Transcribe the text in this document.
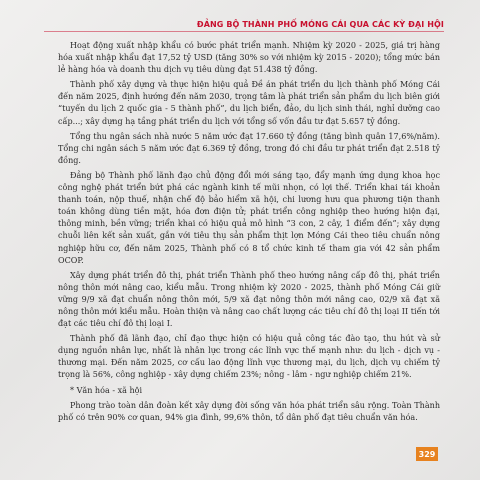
ĐẢNG BỘ THÀNH PHỐ MÓNG CÁI QUA CÁC KỲ ĐẠI HỘI

Hoạt động xuất nhập khẩu có bước phát triển mạnh. Nhiệm kỳ 2020 - 2025, giá trị hàng hóa xuất nhập khẩu đạt 17,52 tỷ USD (tăng 30% so với nhiệm kỳ 2015 - 2020); tổng mức bán lẻ hàng hóa và doanh thu dịch vụ tiêu dùng đạt 51.438 tỷ đồng.

Thành phố xây dựng và thực hiện hiệu quả Đề án phát triển du lịch thành phố Móng Cái đến năm 2025, định hướng đến năm 2030, trọng tâm là phát triển sản phẩm du lịch biên giới “tuyến du lịch 2 quốc gia - 5 thành phố”, du lịch biển, đảo, du lịch sinh thái, nghỉ dưỡng cao cấp...; xây dựng hạ tầng phát triển du lịch với tổng số vốn đầu tư đạt 5.657 tỷ đồng.

Tổng thu ngân sách nhà nước 5 năm ước đạt 17.660 tỷ đồng (tăng bình quân 17,6%/năm). Tổng chi ngân sách 5 năm ước đạt 6.369 tỷ đồng, trong đó chi đầu tư phát triển đạt 2.518 tỷ đồng.

Đảng bộ Thành phố lãnh đạo chủ động đổi mới sáng tạo, đẩy mạnh ứng dụng khoa học công nghệ phát triển bứt phá các ngành kinh tế mũi nhọn, có lợi thế. Triển khai tái khoản thanh toán, nộp thuế, nhận chế độ bảo hiểm xã hội, chi lương hưu qua phương tiện thanh toán không dùng tiền mặt, hóa đơn điện tử; phát triển công nghiệp theo hướng hiện đại, thông minh, bền vững; triển khai có hiệu quả mô hình “3 con, 2 cây, 1 điểm đến”; xây dựng chuỗi liên kết sản xuất, gắn với tiêu thụ sản phẩm thịt lợn Móng Cái theo tiêu chuẩn nông nghiệp hữu cơ, đến năm 2025, Thành phố có 8 tổ chức kinh tế tham gia với 42 sản phẩm OCOP.

Xây dựng phát triển đô thị, phát triển Thành phố theo hướng nâng cấp đô thị, phát triển nông thôn mới nâng cao, kiểu mẫu. Trong nhiệm kỳ 2020 - 2025, thành phố Móng Cái giữ vững 9/9 xã đạt chuẩn nông thôn mới, 5/9 xã đạt nông thôn mới nâng cao, 02/9 xã đạt xã nông thôn mới kiểu mẫu. Hoàn thiện và nâng cao chất lượng các tiêu chí đô thị loại II tiến tới đạt các tiêu chí đô thị loại I.

Thành phố đã lãnh đạo, chỉ đạo thực hiện có hiệu quả công tác đào tạo, thu hút và sử dụng nguồn nhân lực, nhất là nhân lực trong các lĩnh vực thế mạnh như: du lịch - dịch vụ - thương mại. Đến năm 2025, cơ cấu lao động lĩnh vực thương mại, du lịch, dịch vụ chiếm tỷ trọng là 56%, công nghiệp - xây dựng chiếm 23%; nông - lâm - ngư nghiệp chiếm 21%.

* Văn hóa - xã hội

Phong trào toàn dân đoàn kết xây dựng đời sống văn hóa phát triển sâu rộng. Toàn Thành phố có trên 90% cơ quan, 94% gia đình, 99,6% thôn, tổ dân phố đạt tiêu chuẩn văn hóa.

329
